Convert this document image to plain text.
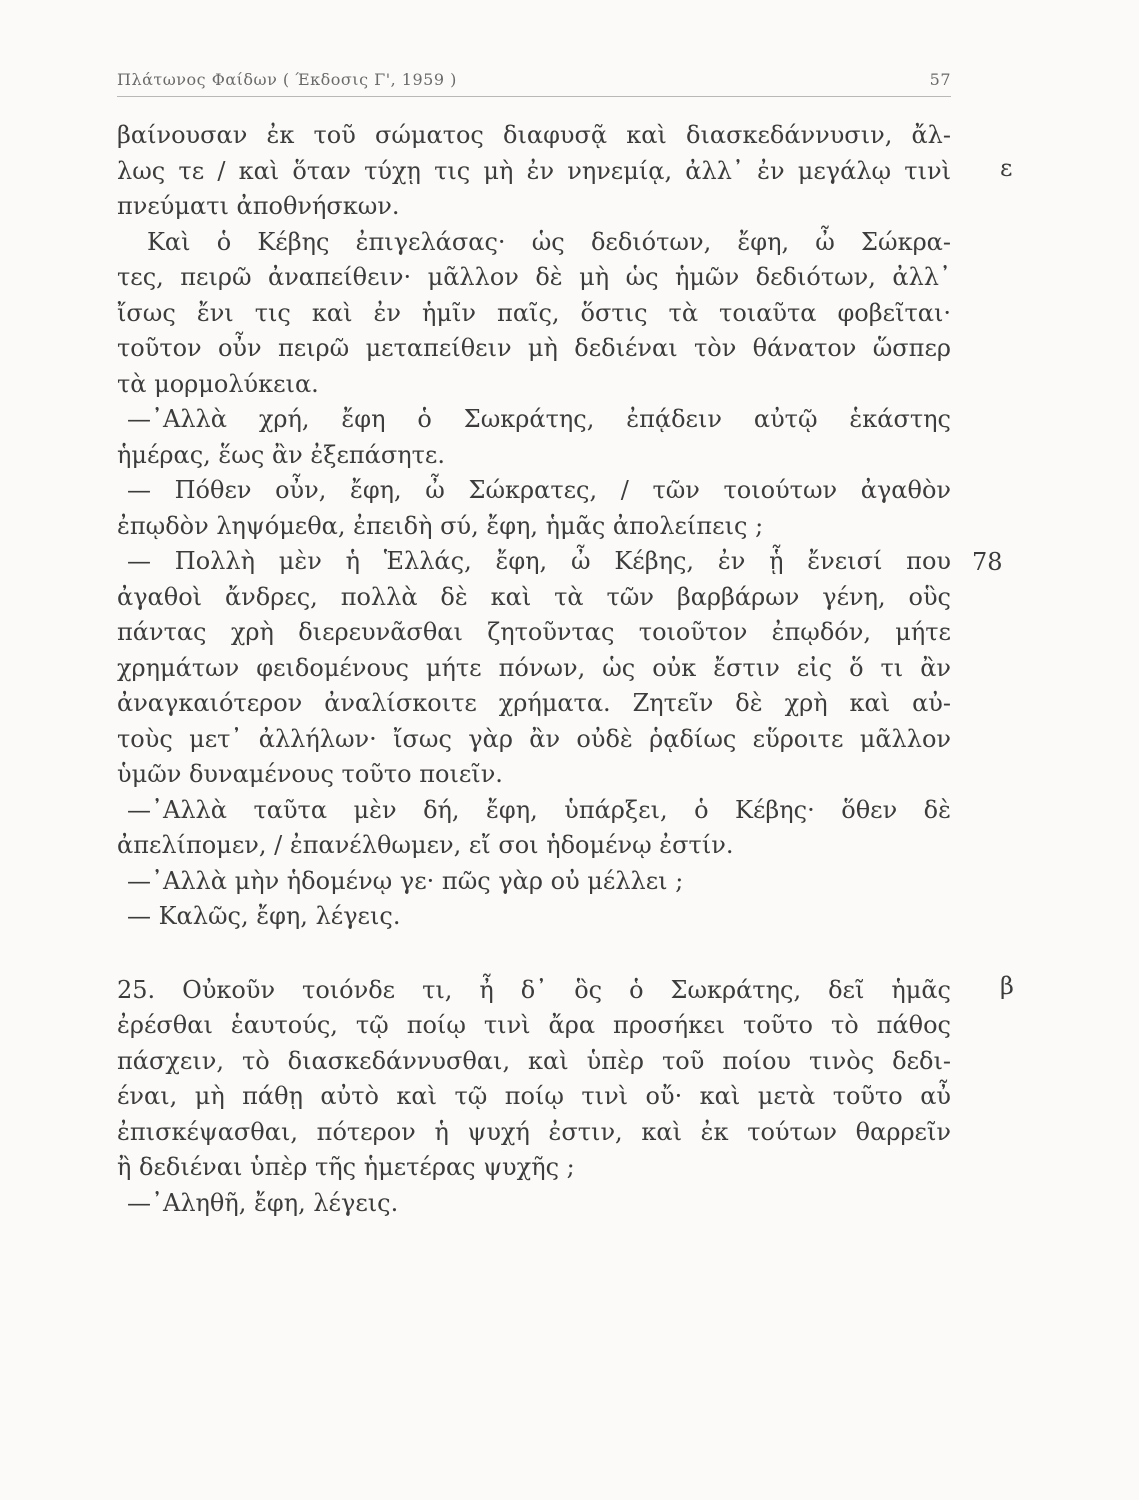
Πλάτωνος Φαίδων ( Έκδοσις Γ', 1959 )	57
βαίνουσαν ἐκ τοῦ σώματος διαφυσᾷ καὶ διασκεδάννυσιν, ἄλ-
λως τε / καὶ ὅταν τύχῃ τις μὴ ἐν νηνεμίᾳ, ἀλλ᾽ ἐν μεγάλῳ τινὶ
πνεύματι ἀποθνήσκων.
Καὶ ὁ Κέβης ἐπιγελάσας· ὡς δεδιότων, ἔφη, ὦ Σώκρα-
τες, πειρῶ ἀναπείθειν· μᾶλλον δὲ μὴ ὡς ἡμῶν δεδιότων, ἀλλ᾽
ἴσως ἔνι τις καὶ ἐν ἡμῖν παῖς, ὅστις τὰ τοιαῦτα φοβεῖται·
τοῦτον οὖν πειρῶ μεταπείθειν μὴ δεδιέναι τὸν θάνατον ὥσπερ
τὰ μορμολύκεια.
—᾿Αλλὰ χρή, ἔφη ὁ Σωκράτης, ἐπᾴδειν αὐτῷ ἑκάστης
ἡμέρας, ἕως ἂν ἐξεπάσητε.
— Πόθεν οὖν, ἔφη, ὦ Σώκρατες, / τῶν τοιούτων ἀγαθὸν
ἐπῳδὸν ληψόμεθα, ἐπειδὴ σύ, ἔφη, ἡμᾶς ἀπολείπεις ;
— Πολλὴ μὲν ἡ Ἑλλάς, ἔφη, ὦ Κέβης, ἐν ᾗ ἔνεισί που
ἀγαθοὶ ἄνδρες, πολλὰ δὲ καὶ τὰ τῶν βαρβάρων γένη, οὓς
πάντας χρὴ διερευνᾶσθαι ζητοῦντας τοιοῦτον ἐπῳδόν, μήτε
χρημάτων φειδομένους μήτε πόνων, ὡς οὐκ ἔστιν εἰς ὅ τι ἂν
ἀναγκαιότερον ἀναλίσκοιτε χρήματα. Ζητεῖν δὲ χρὴ καὶ αὐ-
τοὺς μετ᾽ ἀλλήλων· ἴσως γὰρ ἂν οὐδὲ ῥᾳδίως εὕροιτε μᾶλλον
ὑμῶν δυναμένους τοῦτο ποιεῖν.
—᾿Αλλὰ ταῦτα μὲν δή, ἔφη, ὑπάρξει, ὁ Κέβης· ὅθεν δὲ
ἀπελίπομεν, / ἐπανέλθωμεν, εἴ σοι ἡδομένῳ ἐστίν.
—᾿Αλλὰ μὴν ἡδομένῳ γε· πῶς γὰρ οὐ μέλλει ;
— Καλῶς, ἔφη, λέγεις.
25. Οὐκοῦν τοιόνδε τι, ἦ δ᾽ ὃς ὁ Σωκράτης, δεῖ ἡμᾶς
ἐρέσθαι ἑαυτούς, τῷ ποίῳ τινὶ ἄρα προσήκει τοῦτο τὸ πάθος
πάσχειν, τὸ διασκεδάννυσθαι, καὶ ὑπὲρ τοῦ ποίου τινὸς δεδι-
έναι, μὴ πάθῃ αὐτὸ καὶ τῷ ποίῳ τινὶ οὔ· καὶ μετὰ τοῦτο αὖ
ἐπισκέψασθαι, πότερον ἡ ψυχή ἐστιν, καὶ ἐκ τούτων θαρρεῖν
ἢ δεδιέναι ὑπὲρ τῆς ἡμετέρας ψυχῆς ;
—᾿Αληθῆ, ἔφη, λέγεις.
ε
78
β
